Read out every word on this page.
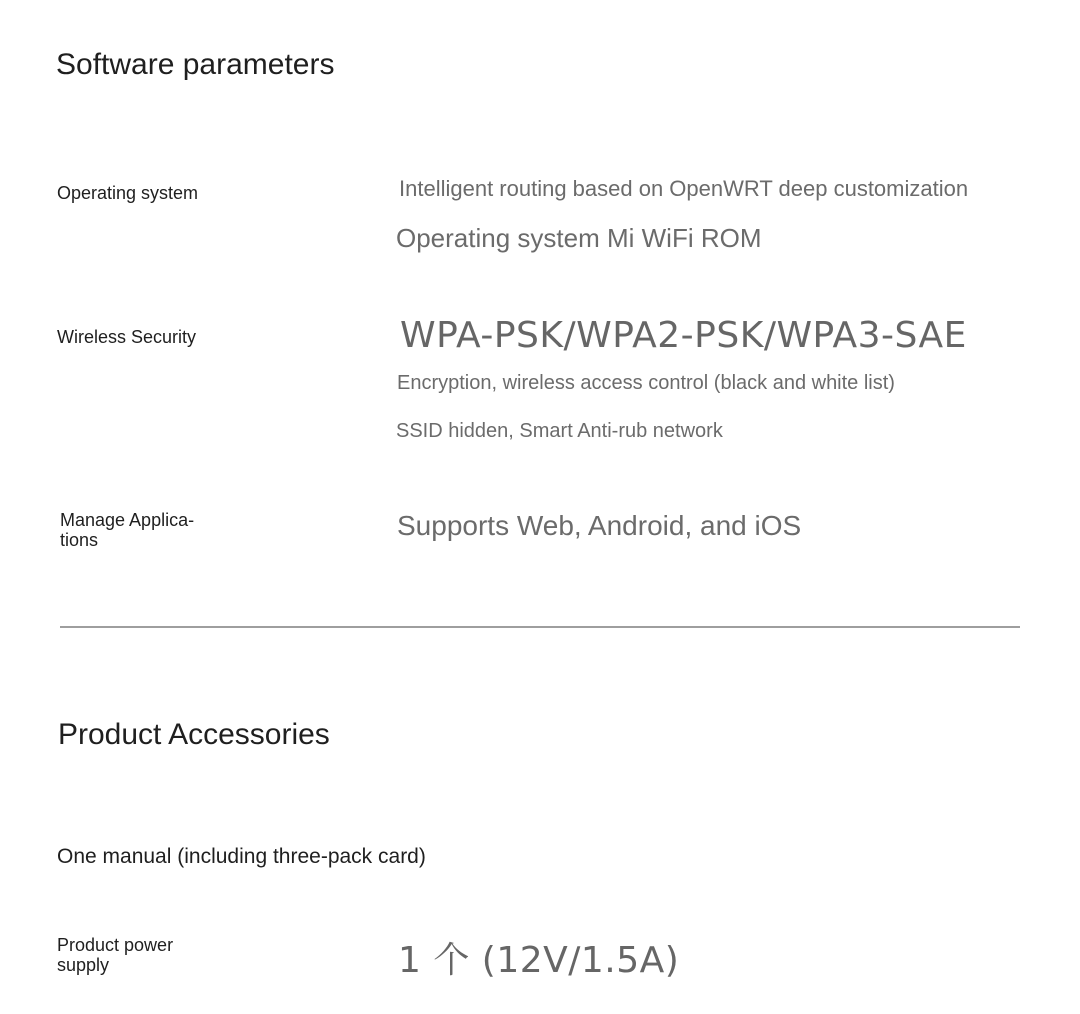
Software parameters
Operating system	Intelligent routing based on OpenWRT deep customization
Operating system Mi WiFi ROM
Wireless Security	WPA-PSK/WPA2-PSK/WPA3-SAE
Encryption, wireless access control (black and white list)
SSID hidden, Smart Anti-rub network
Manage Applica-
tions	Supports Web, Android, and iOS
Product Accessories
One manual (including three-pack card)
Product power
supply	1 个 (12V/1.5A)
